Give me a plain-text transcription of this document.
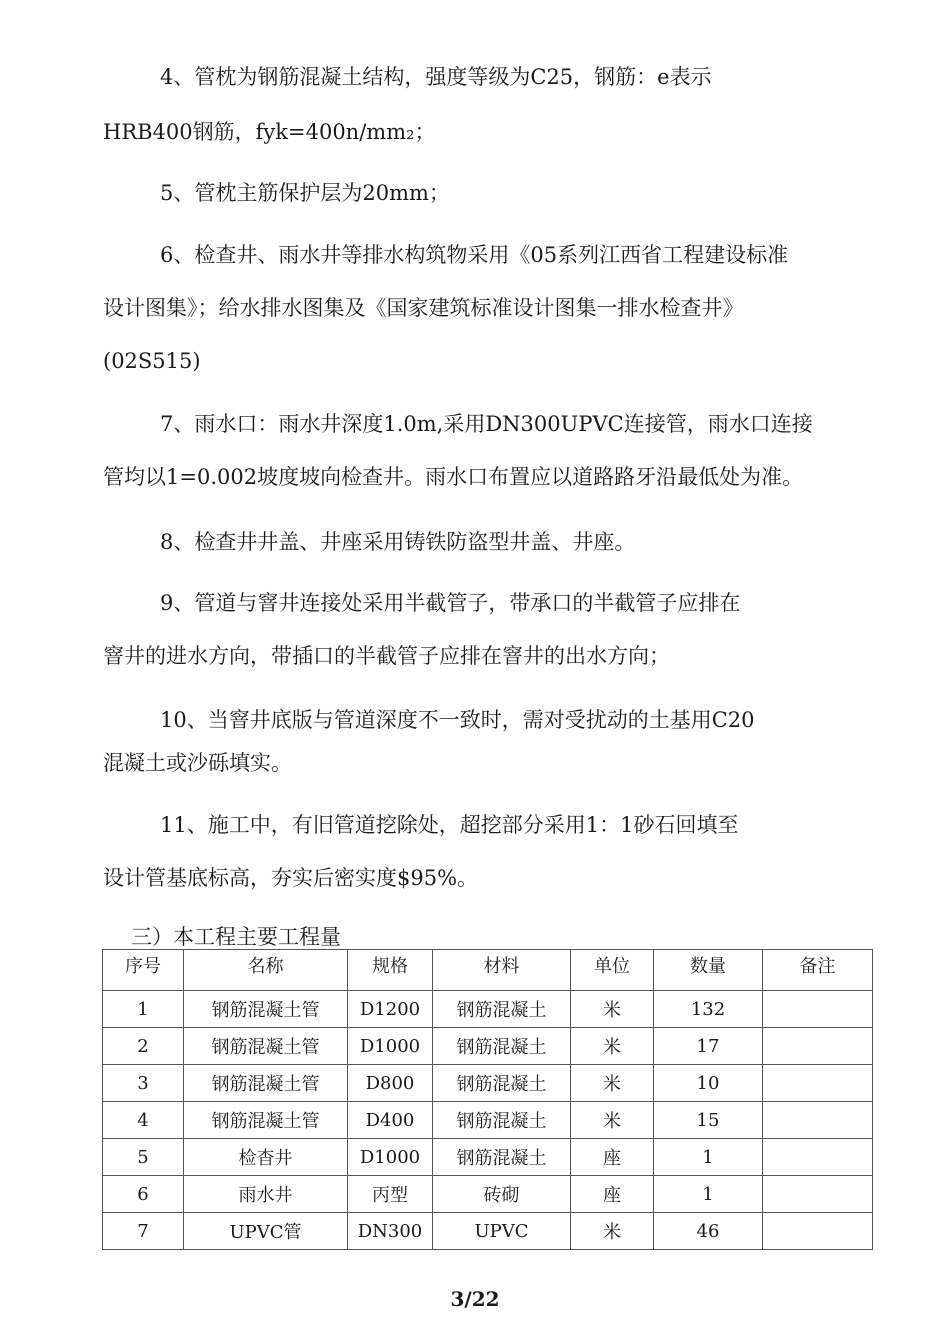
4、管枕为钢筋混凝土结构，强度等级为C25，钢筋：e表示
HRB400钢筋，fyk=400n/mm₂；
5、管枕主筋保护层为20mm；
6、检查井、雨水井等排水构筑物采用《05系列江西省工程建设标准
设计图集》；给水排水图集及《国家建筑标准设计图集一排水检查井》
(02S515)
7、雨水口：雨水井深度1.0m,采用DN300UPVC连接管，雨水口连接
管均以1=0.002坡度坡向检查井。雨水口布置应以道路路牙沿最低处为准。
8、检查井井盖、井座采用铸铁防盗型井盖、井座。
9、管道与窨井连接处采用半截管子，带承口的半截管子应排在
窨井的进水方向，带插口的半截管子应排在窨井的出水方向；
10、当窨井底版与管道深度不一致时，需对受扰动的土基用C20
混凝土或沙砾填实。
11、施工中，有旧管道挖除处，超挖部分采用1：1砂石回填至
设计管基底标高，夯实后密实度$95%。
三）本工程主要工程量
序号	名称	规格	材料	单位	数量	备注
1	钢筋混凝土管	D1200	钢筋混凝土	米	132	
2	钢筋混凝土管	D1000	钢筋混凝土	米	17	
3	钢筋混凝土管	D800	钢筋混凝土	米	10	
4	钢筋混凝土管	D400	钢筋混凝土	米	15	
5	检杳井	D1000	钢筋混凝土	座	1	
6	雨水井	丙型	砖砌	座	1	
7	UPVC管	DN300	UPVC	米	46	
3/22
